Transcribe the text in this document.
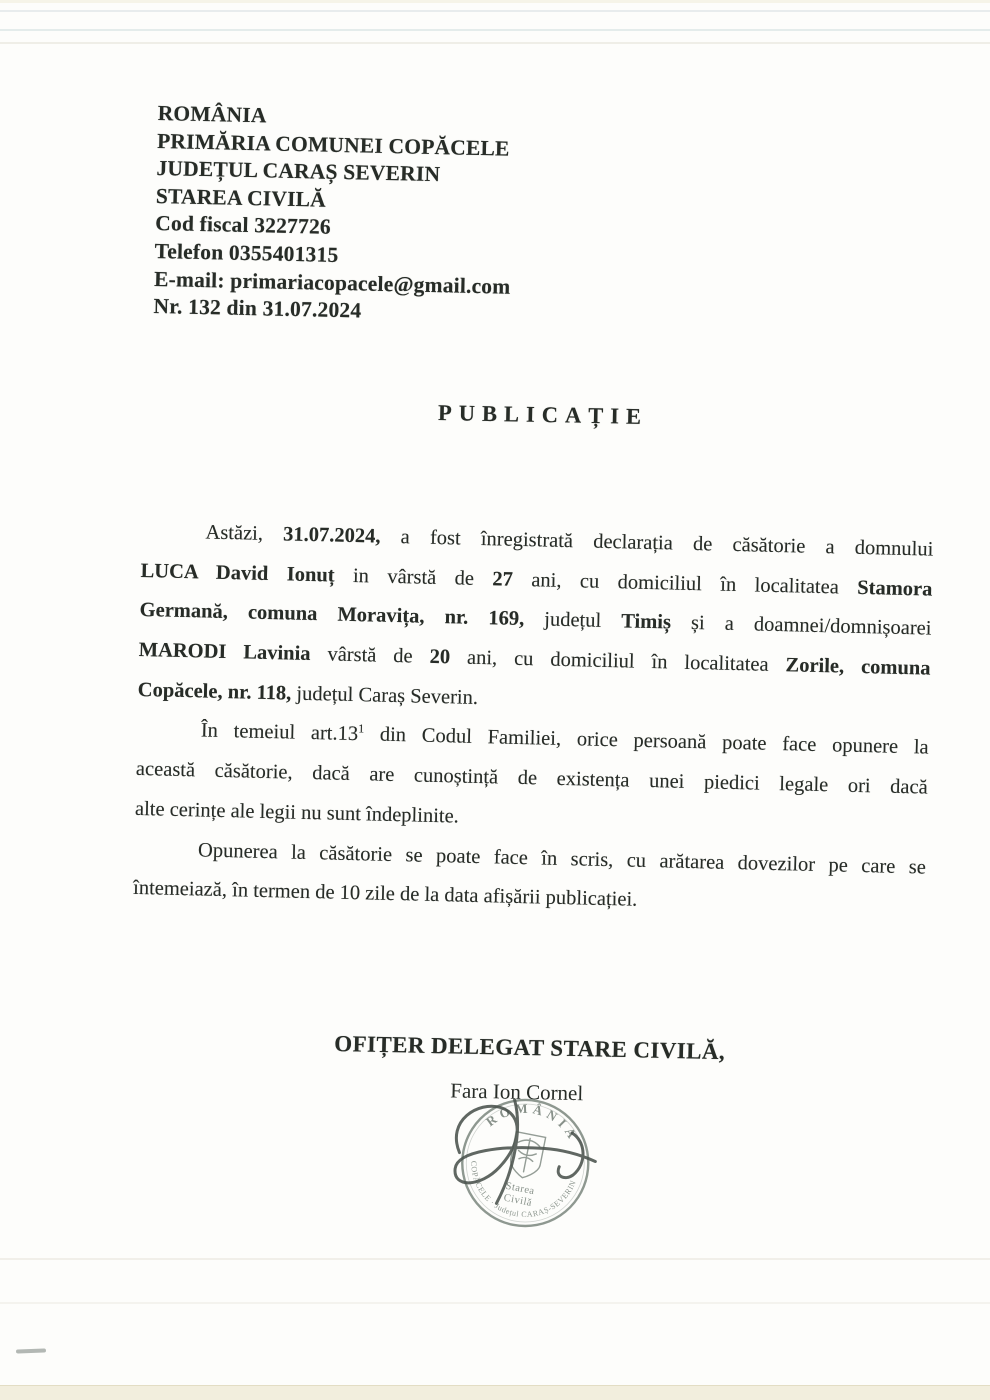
ROMÂNIA
PRIMĂRIA COMUNEI COPĂCELE
JUDEȚUL CARAȘ SEVERIN
STAREA CIVILĂ
Cod fiscal 3227726
Telefon 0355401315
E-mail: primariacopacele@gmail.com
Nr. 132 din 31.07.2024
PUBLICAȚIE
Astăzi, 31.07.2024, a fost înregistrată declarația de căsătorie a domnului
LUCA David Ionuț in vârstă de 27 ani, cu domiciliul în localitatea Stamora
Germană, comuna Moravița, nr. 169, județul Timiș și a doamnei/domnișoarei
MARODI Lavinia vârstă de 20 ani, cu domiciliul în localitatea Zorile, comuna
Copăcele, nr. 118, județul Caraș Severin.
În temeiul $art.13^1$ din Codul Familiei, orice persoană poate face opunere la
această căsătorie, dacă are cunoștință de existența unei piedici legale ori dacă
alte cerințe ale legii nu sunt îndeplinite.
Opunerea la căsătorie se poate face în scris, cu arătarea dovezilor pe care se
întemeiază, în termen de 10 zile de la data afișării publicației.
OFIȚER DELEGAT STARE CIVILĂ,
Fara Ion Cornel
ROMÂNIA
COPĂCELE · Județul CARAȘ-SEVERIN
Starea
Civilă
